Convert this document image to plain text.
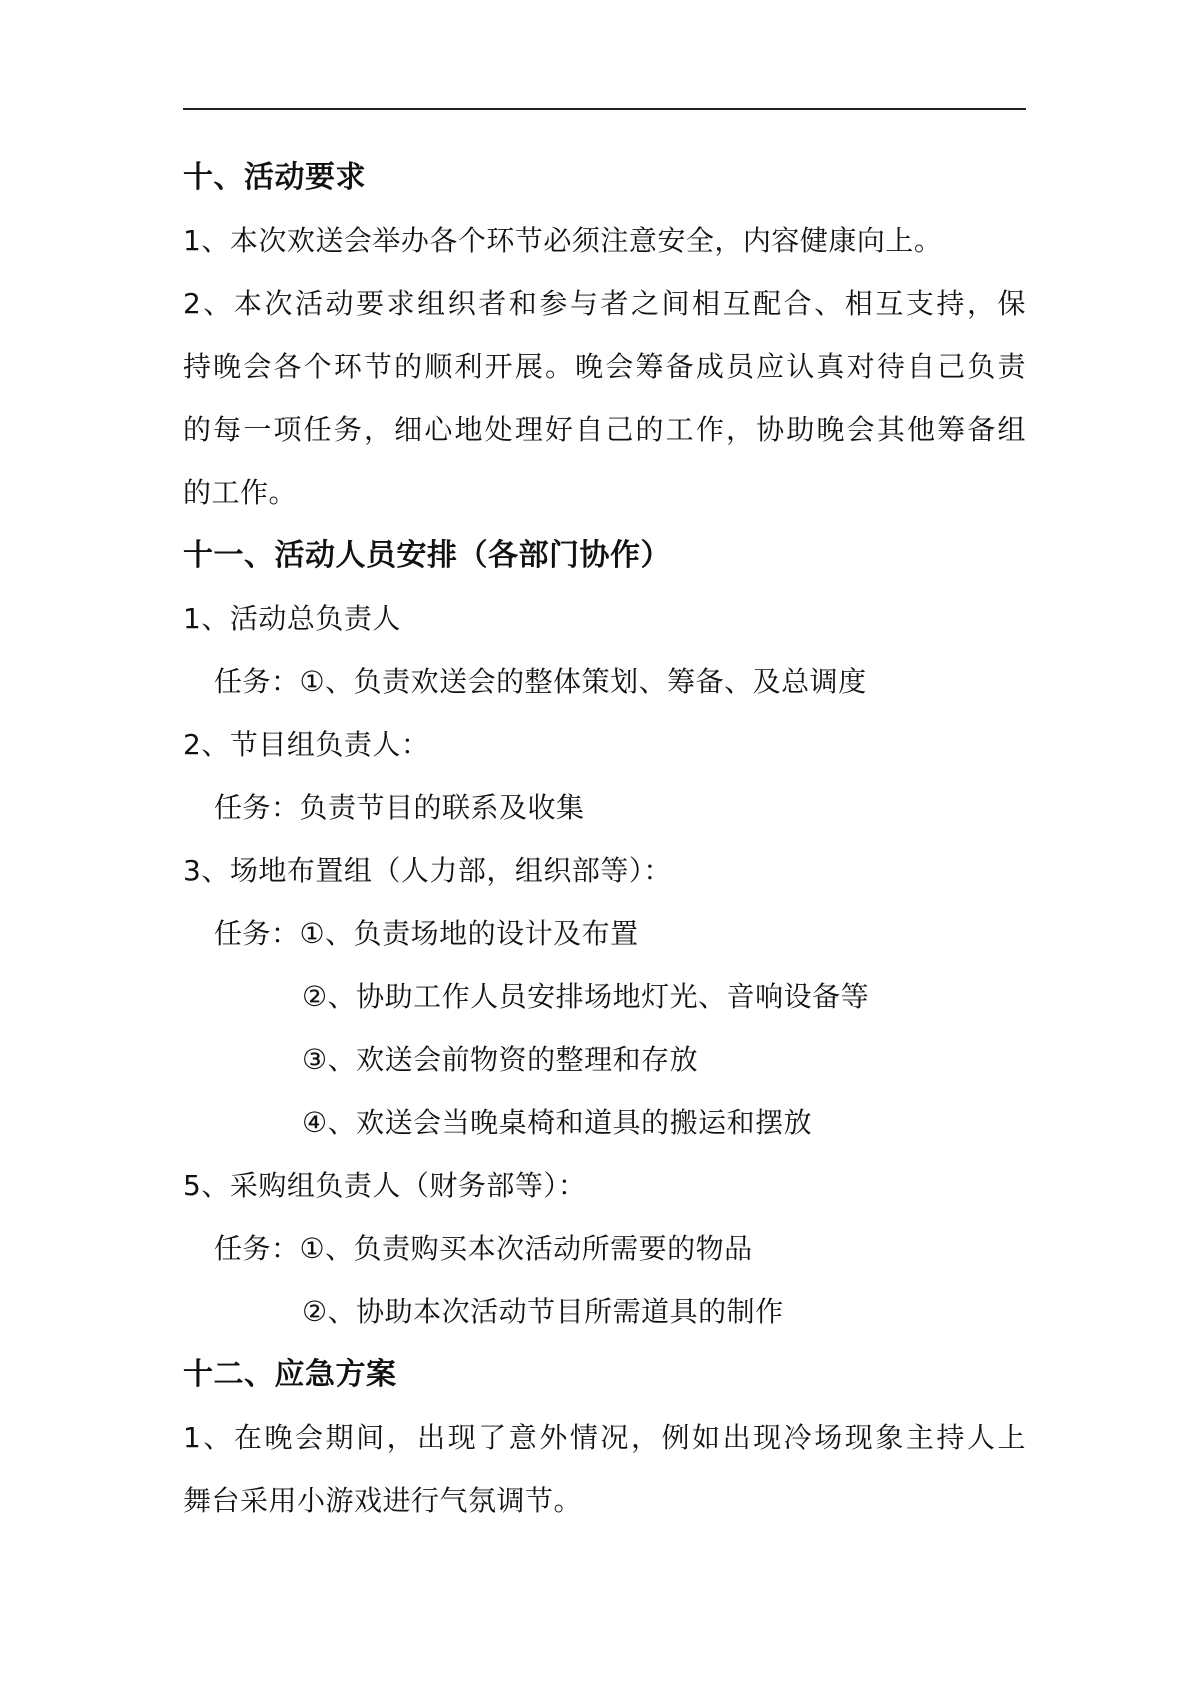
十、活动要求
1、本次欢送会举办各个环节必须注意安全，内容健康向上。
2、本次活动要求组织者和参与者之间相互配合、相互支持，保
持晚会各个环节的顺利开展。晚会筹备成员应认真对待自己负责
的每一项任务，细心地处理好自己的工作，协助晚会其他筹备组
的工作。
十一、活动人员安排（各部门协作）
1、活动总负责人
任务：①、负责欢送会的整体策划、筹备、及总调度
2、节目组负责人：
任务：负责节目的联系及收集
3、场地布置组（人力部，组织部等）：
任务：①、负责场地的设计及布置
②、协助工作人员安排场地灯光、音响设备等
③、欢送会前物资的整理和存放
④、欢送会当晚桌椅和道具的搬运和摆放
5、采购组负责人（财务部等）：
任务：①、负责购买本次活动所需要的物品
②、协助本次活动节目所需道具的制作
十二、应急方案
1、在晚会期间，出现了意外情况，例如出现冷场现象主持人上
舞台采用小游戏进行气氛调节。
